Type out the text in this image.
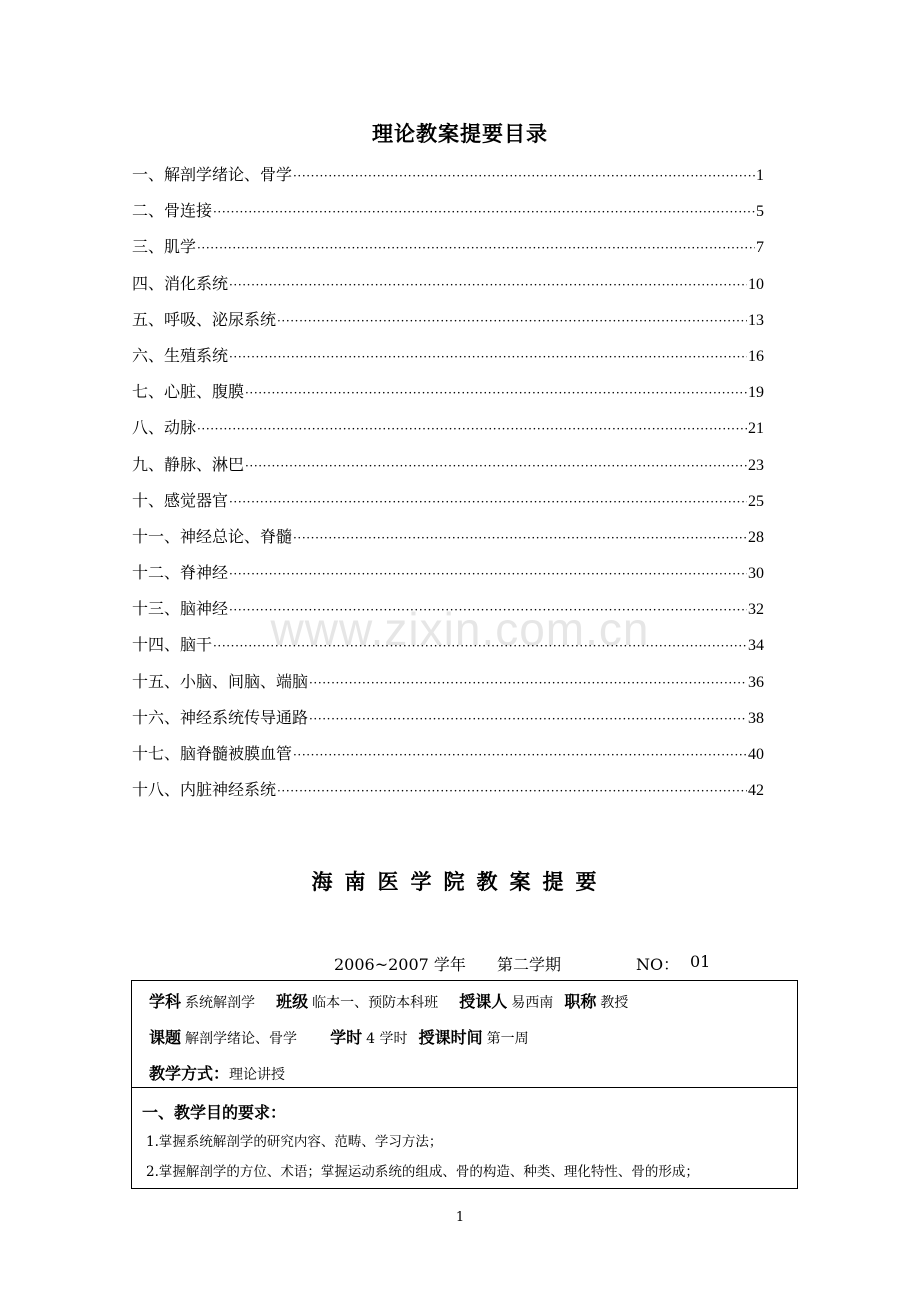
www.zixin.com.cn
理论教案提要目录
一、解剖学绪论、骨学 ·····	1
二、骨连接 ·····	5
三、肌学 ·····	7
四、消化系统 ·····	10
五、呼吸、泌尿系统 ·····	13
六、生殖系统 ·····	16
七、心脏、腹膜 ·····	19
八、动脉 ·····	21
九、静脉、淋巴 ·····	23
十、感觉器官 ·····	25
十一、神经总论、脊髓 ·····	28
十二、脊神经 ·····	30
十三、脑神经 ·····	32
十四、脑干 ·····	34
十五、小脑、间脑、端脑 ·····	36
十六、神经系统传导通路 ·····	38
十七、脑脊髓被膜血管 ·····	40
十八、内脏神经系统 ·····	42
海南医学院教案提要
2006~2007 学年 第二学期	NO： 01
学科 系统解剖学 班级 临本一、预防本科班 授课人 易西南 职称 教授
课题 解剖学绪论、骨学 学时 4 学时 授课时间 第一周
教学方式：理论讲授
一、教学目的要求：
1.掌握系统解剖学的研究内容、范畴、学习方法；
2.掌握解剖学的方位、术语；掌握运动系统的组成、骨的构造、种类、理化特性、骨的形成；
1
